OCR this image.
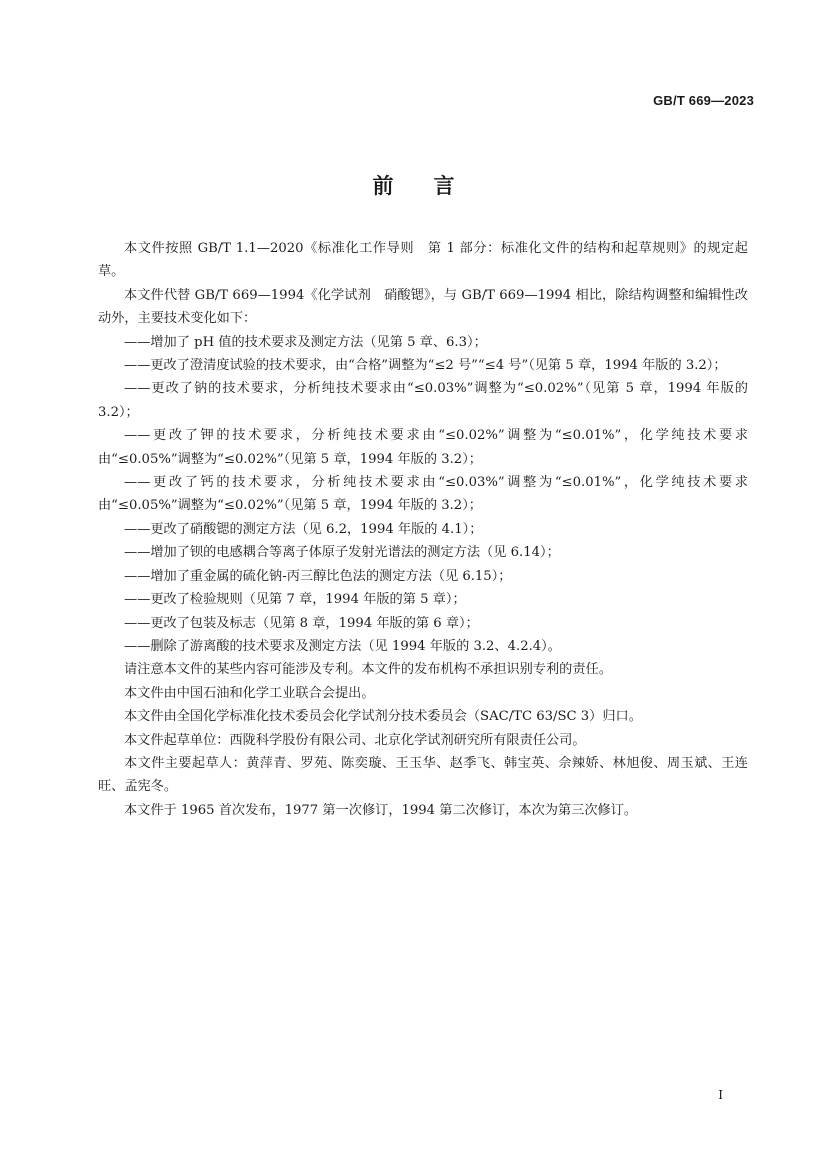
GB/T 669—2023
前言

本文件按照 GB/T 1.1—2020《标准化工作导则　第 1 部分：标准化文件的结构和起草规则》的规定起草。

本文件代替 GB/T 669—1994《化学试剂　硝酸锶》，与 GB/T 669—1994 相比，除结构调整和编辑性改动外，主要技术变化如下：

——增加了 pH 值的技术要求及测定方法（见第 5 章、6.3）；

——更改了澄清度试验的技术要求，由“合格”调整为“≤2 号”“≤4 号”（见第 5 章，1994 年版的 3.2）；

——更改了钠的技术要求，分析纯技术要求由“≤0.03%”调整为“≤0.02%”（见第 5 章，1994 年版的 3.2）；

——更改了钾的技术要求，分析纯技术要求由“≤0.02%”调整为“≤0.01%”，化学纯技术要求由“≤0.05%”调整为“≤0.02%”（见第 5 章，1994 年版的 3.2）；

——更改了钙的技术要求，分析纯技术要求由“≤0.03%”调整为“≤0.01%”，化学纯技术要求由“≤0.05%”调整为“≤0.02%”（见第 5 章，1994 年版的 3.2）；

——更改了硝酸锶的测定方法（见 6.2，1994 年版的 4.1）；

——增加了钡的电感耦合等离子体原子发射光谱法的测定方法（见 6.14）；

——增加了重金属的硫化钠-丙三醇比色法的测定方法（见 6.15）；

——更改了检验规则（见第 7 章，1994 年版的第 5 章）；

——更改了包装及标志（见第 8 章，1994 年版的第 6 章）；

——删除了游离酸的技术要求及测定方法（见 1994 年版的 3.2、4.2.4）。

请注意本文件的某些内容可能涉及专利。本文件的发布机构不承担识别专利的责任。

本文件由中国石油和化学工业联合会提出。

本文件由全国化学标准化技术委员会化学试剂分技术委员会（SAC/TC 63/SC 3）归口。

本文件起草单位：西陇科学股份有限公司、北京化学试剂研究所有限责任公司。

本文件主要起草人：黄萍青、罗苑、陈奕璇、王玉华、赵季飞、韩宝英、佘辣娇、林旭俊、周玉斌、王连旺、孟宪冬。

本文件于 1965 首次发布，1977 第一次修订，1994 第二次修订，本次为第三次修订。

I
